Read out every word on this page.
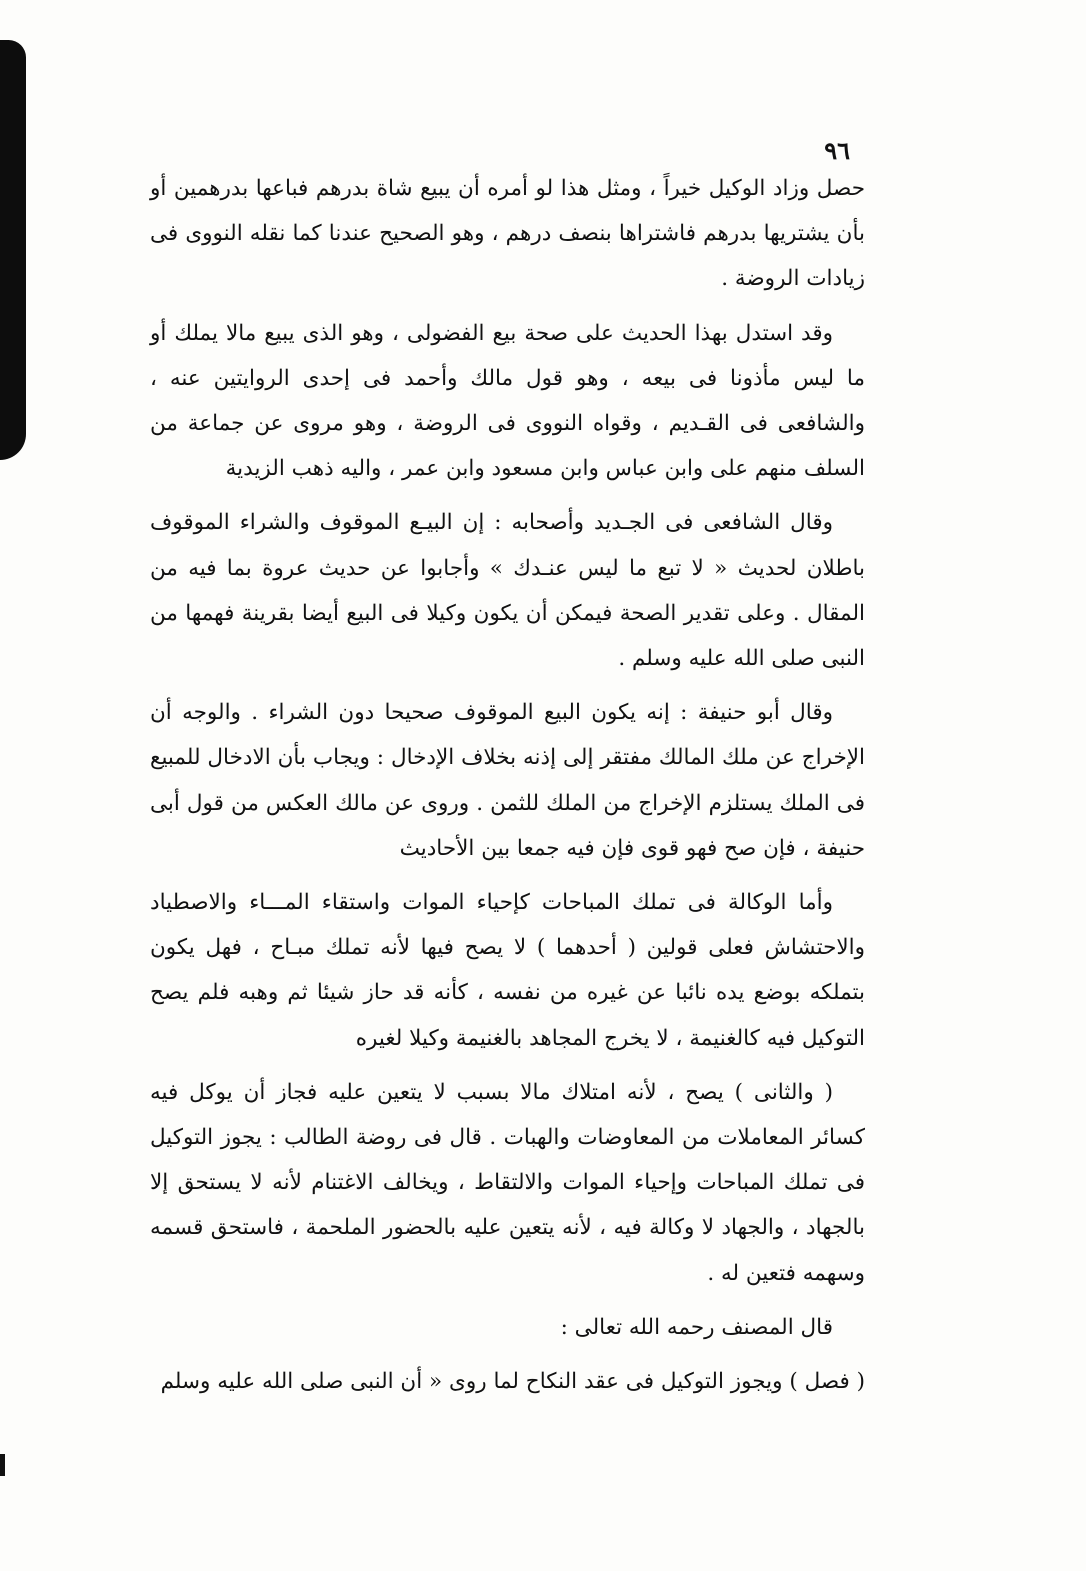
٩٦

حصل وزاد الوكيل خيراً ، ومثل هذا لو أمره أن يبيع شاة بدرهم فباعها بدرهمين أو بأن يشتريها بدرهم فاشتراها بنصف درهم ، وهو الصحيح عندنا كما نقله النووى فى زيادات الروضة .

وقد استدل بهذا الحديث على صحة بيع الفضولى ، وهو الذى يبيع مالا يملك أو ما ليس مأذونا فى بيعه ، وهو قول مالك وأحمد فى إحدى الروايتين عنه ، والشافعى فى القـديم ، وقواه النووى فى الروضة ، وهو مروى عن جماعة من السلف منهم على وابن عباس وابن مسعود وابن عمر ، واليه ذهب الزيدية

وقال الشافعى فى الجـديد وأصحابه : إن البيـع الموقوف والشراء الموقوف باطلان لحديث « لا تبع ما ليس عنـدك » وأجابوا عن حديث عروة بما فيه من المقال . وعلى تقدير الصحة فيمكن أن يكون وكيلا فى البيع أيضا بقرينة فهمها من النبى صلى الله عليه وسلم .

وقال أبو حنيفة : إنه يكون البيع الموقوف صحيحا دون الشراء . والوجه أن الإخراج عن ملك المالك مفتقر إلى إذنه بخلاف الإدخال : ويجاب بأن الادخال للمبيع فى الملك يستلزم الإخراج من الملك للثمن . وروى عن مالك العكس من قول أبى حنيفة ، فإن صح فهو قوى فإن فيه جمعا بين الأحاديث

وأما الوكالة فى تملك المباحات كإحياء الموات واستقاء المـــاء والاصطياد والاحتشاش فعلى قولين ( أحدهما ) لا يصح فيها لأنه تملك مبـاح ، فهل يكون بتملكه بوضع يده نائبا عن غيره من نفسه ، كأنه قد حاز شيئا ثم وهبه فلم يصح التوكيل فيه كالغنيمة ، لا يخرج المجاهد بالغنيمة وكيلا لغيره

( والثانى ) يصح ، لأنه امتلاك مالا بسبب لا يتعين عليه فجاز أن يوكل فيه كسائر المعاملات من المعاوضات والهبات . قال فى روضة الطالب : يجوز التوكيل فى تملك المباحات وإحياء الموات والالتقاط ، ويخالف الاغتنام لأنه لا يستحق إلا بالجهاد ، والجهاد لا وكالة فيه ، لأنه يتعين عليه بالحضور الملحمة ، فاستحق قسمه وسهمه فتعين له .

قال المصنف رحمه الله تعالى :

( فصل ) ويجوز التوكيل فى عقد النكاح لما روى « أن النبى صلى الله عليه وسلم
